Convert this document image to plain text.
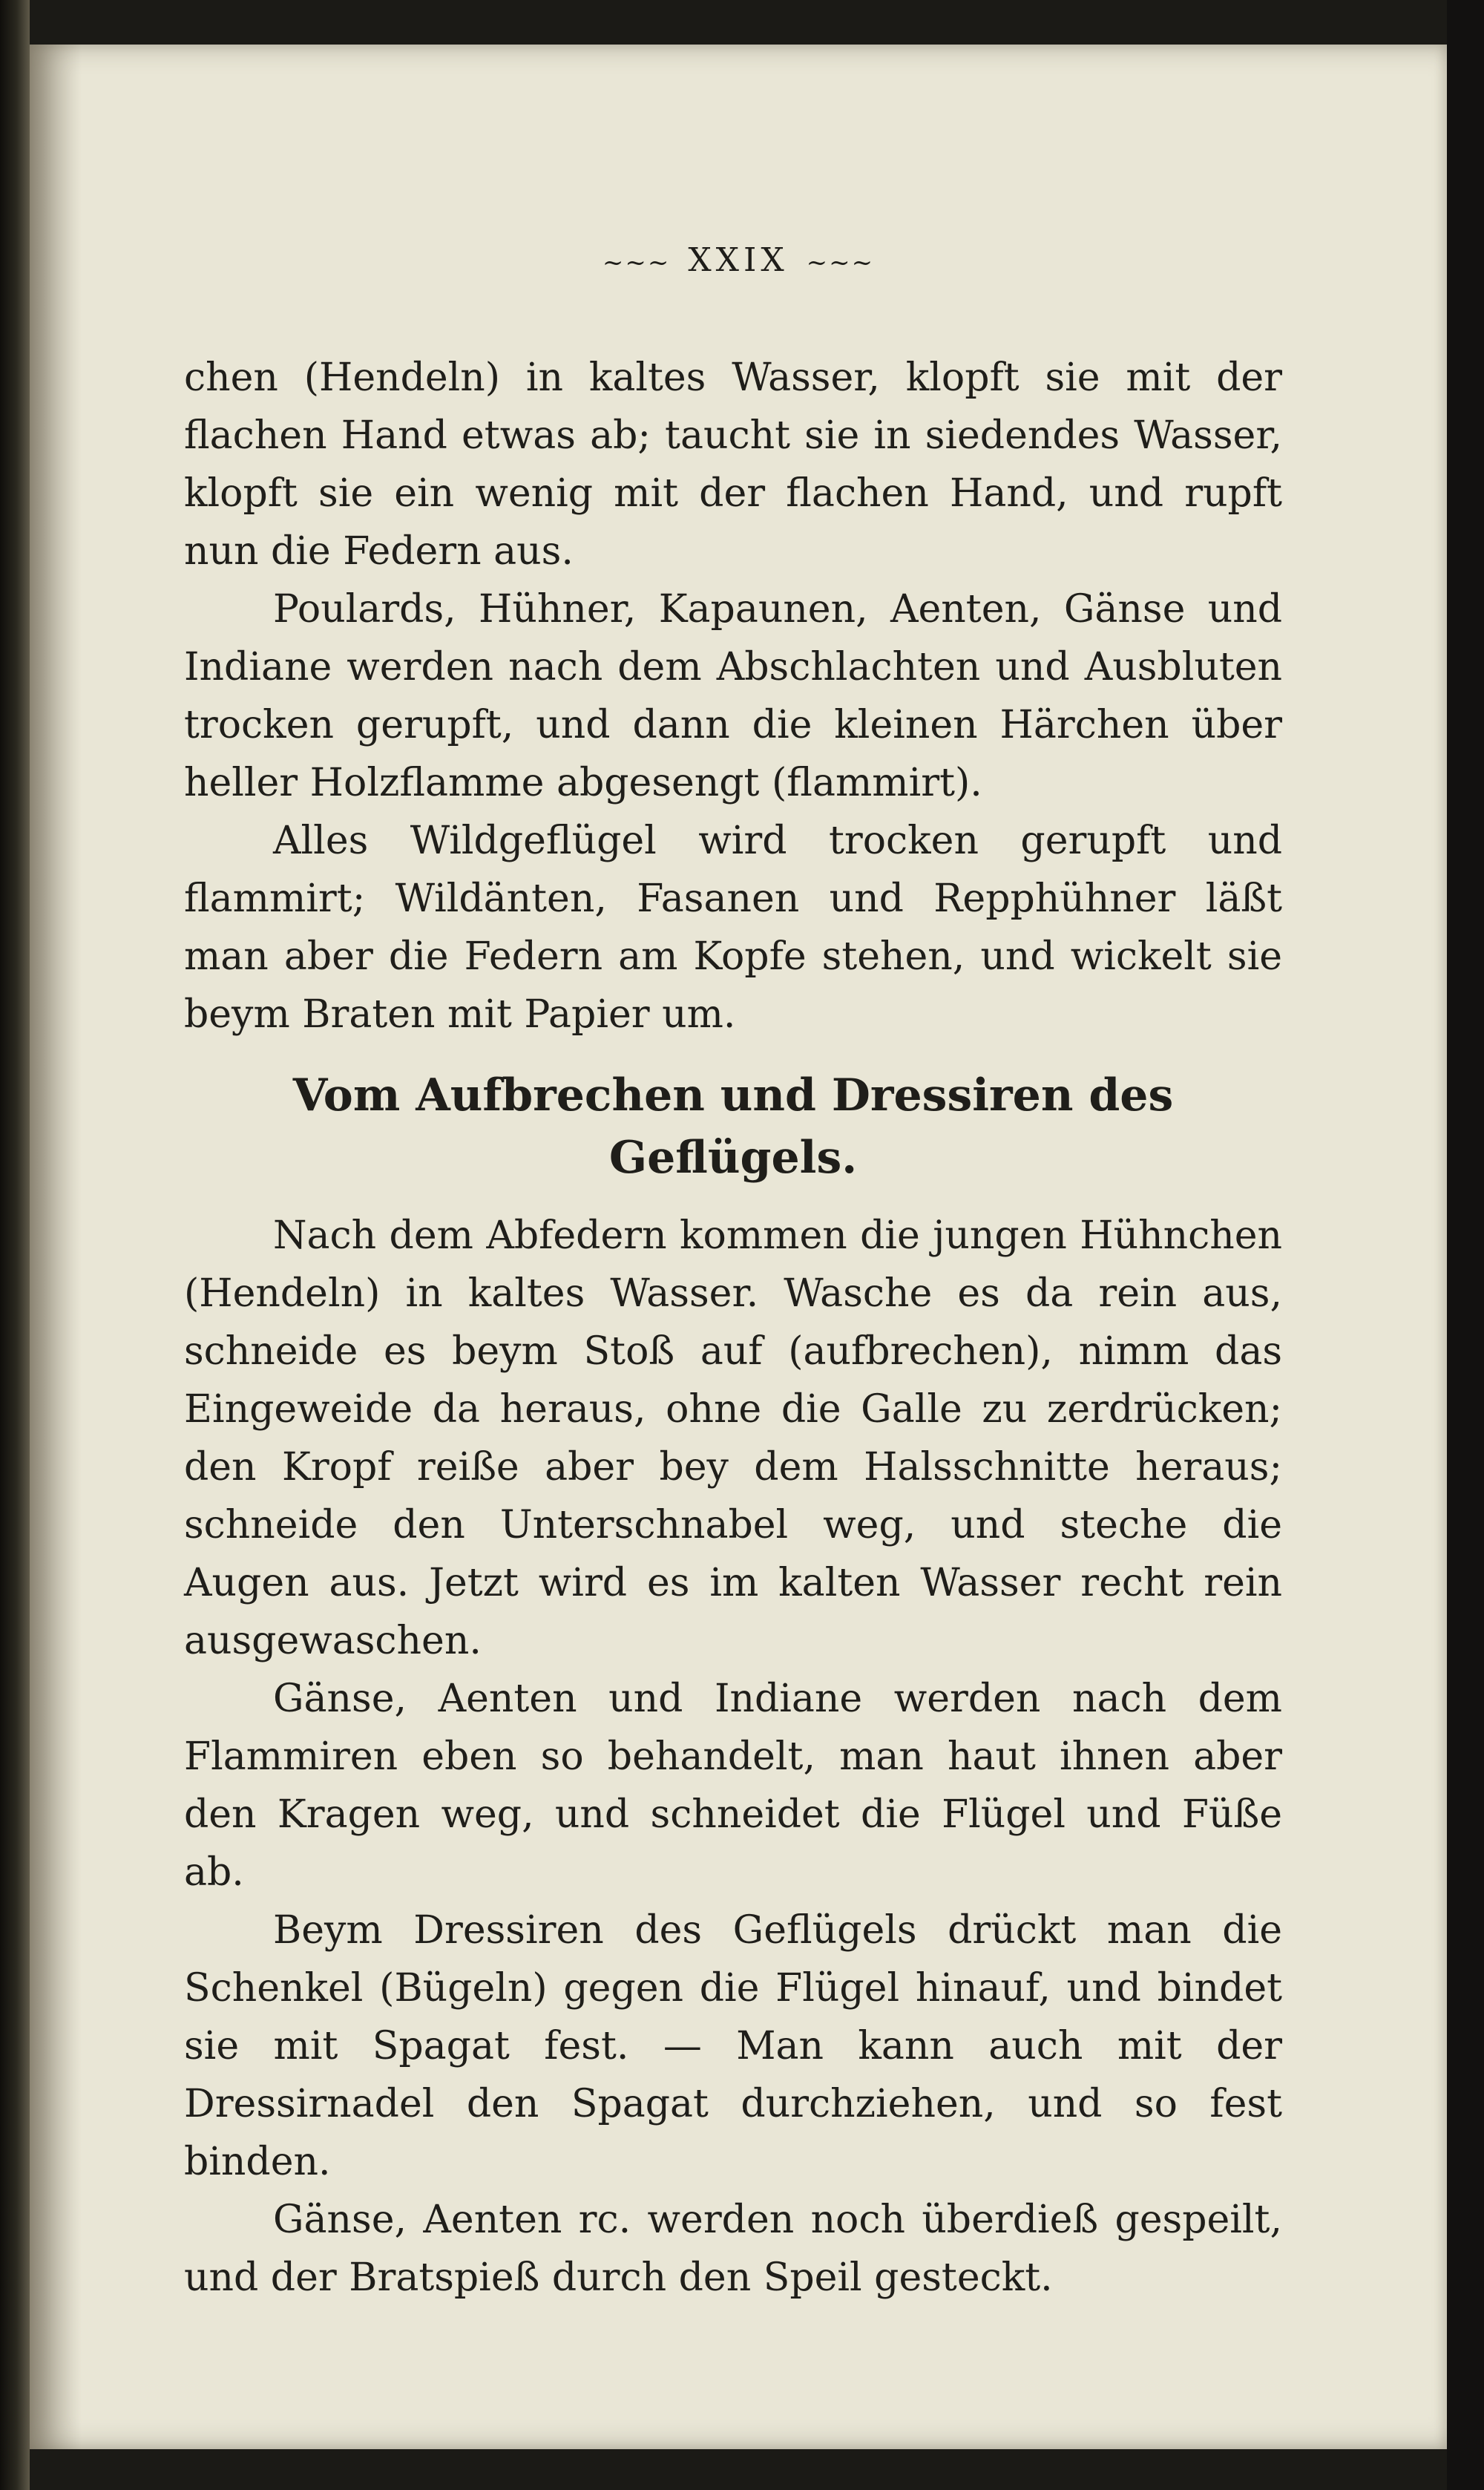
~~~ XXIX ~~~

chen (Hendeln) in kaltes Wasser, klopft sie mit der flachen Hand etwas ab; taucht sie in siedendes Wasser, klopft sie ein wenig mit der flachen Hand, und rupft nun die Federn aus.

Poulards, Hühner, Kapaunen, Aenten, Gänse und Indiane werden nach dem Abschlachten und Ausbluten trocken gerupft, und dann die kleinen Härchen über heller Holzflamme abgesengt (flammirt).

Alles Wildgeflügel wird trocken gerupft und flammirt; Wildänten, Fasanen und Repphühner läßt man aber die Federn am Kopfe stehen, und wickelt sie beym Braten mit Papier um.

Vom Aufbrechen und Dressiren des Geflügels.

Nach dem Abfedern kommen die jungen Hühnchen (Hendeln) in kaltes Wasser. Wasche es da rein aus, schneide es beym Stoß auf (aufbrechen), nimm das Eingeweide da heraus, ohne die Galle zu zerdrücken; den Kropf reiße aber bey dem Halsschnitte heraus; schneide den Unterschnabel weg, und steche die Augen aus. Jetzt wird es im kalten Wasser recht rein ausgewaschen.

Gänse, Aenten und Indiane werden nach dem Flammiren eben so behandelt, man haut ihnen aber den Kragen weg, und schneidet die Flügel und Füße ab.

Beym Dressiren des Geflügels drückt man die Schenkel (Bügeln) gegen die Flügel hinauf, und bindet sie mit Spagat fest. — Man kann auch mit der Dressirnadel den Spagat durchziehen, und so fest binden.

Gänse, Aenten rc. werden noch überdieß gespeilt, und der Bratspieß durch den Speil gesteckt.
